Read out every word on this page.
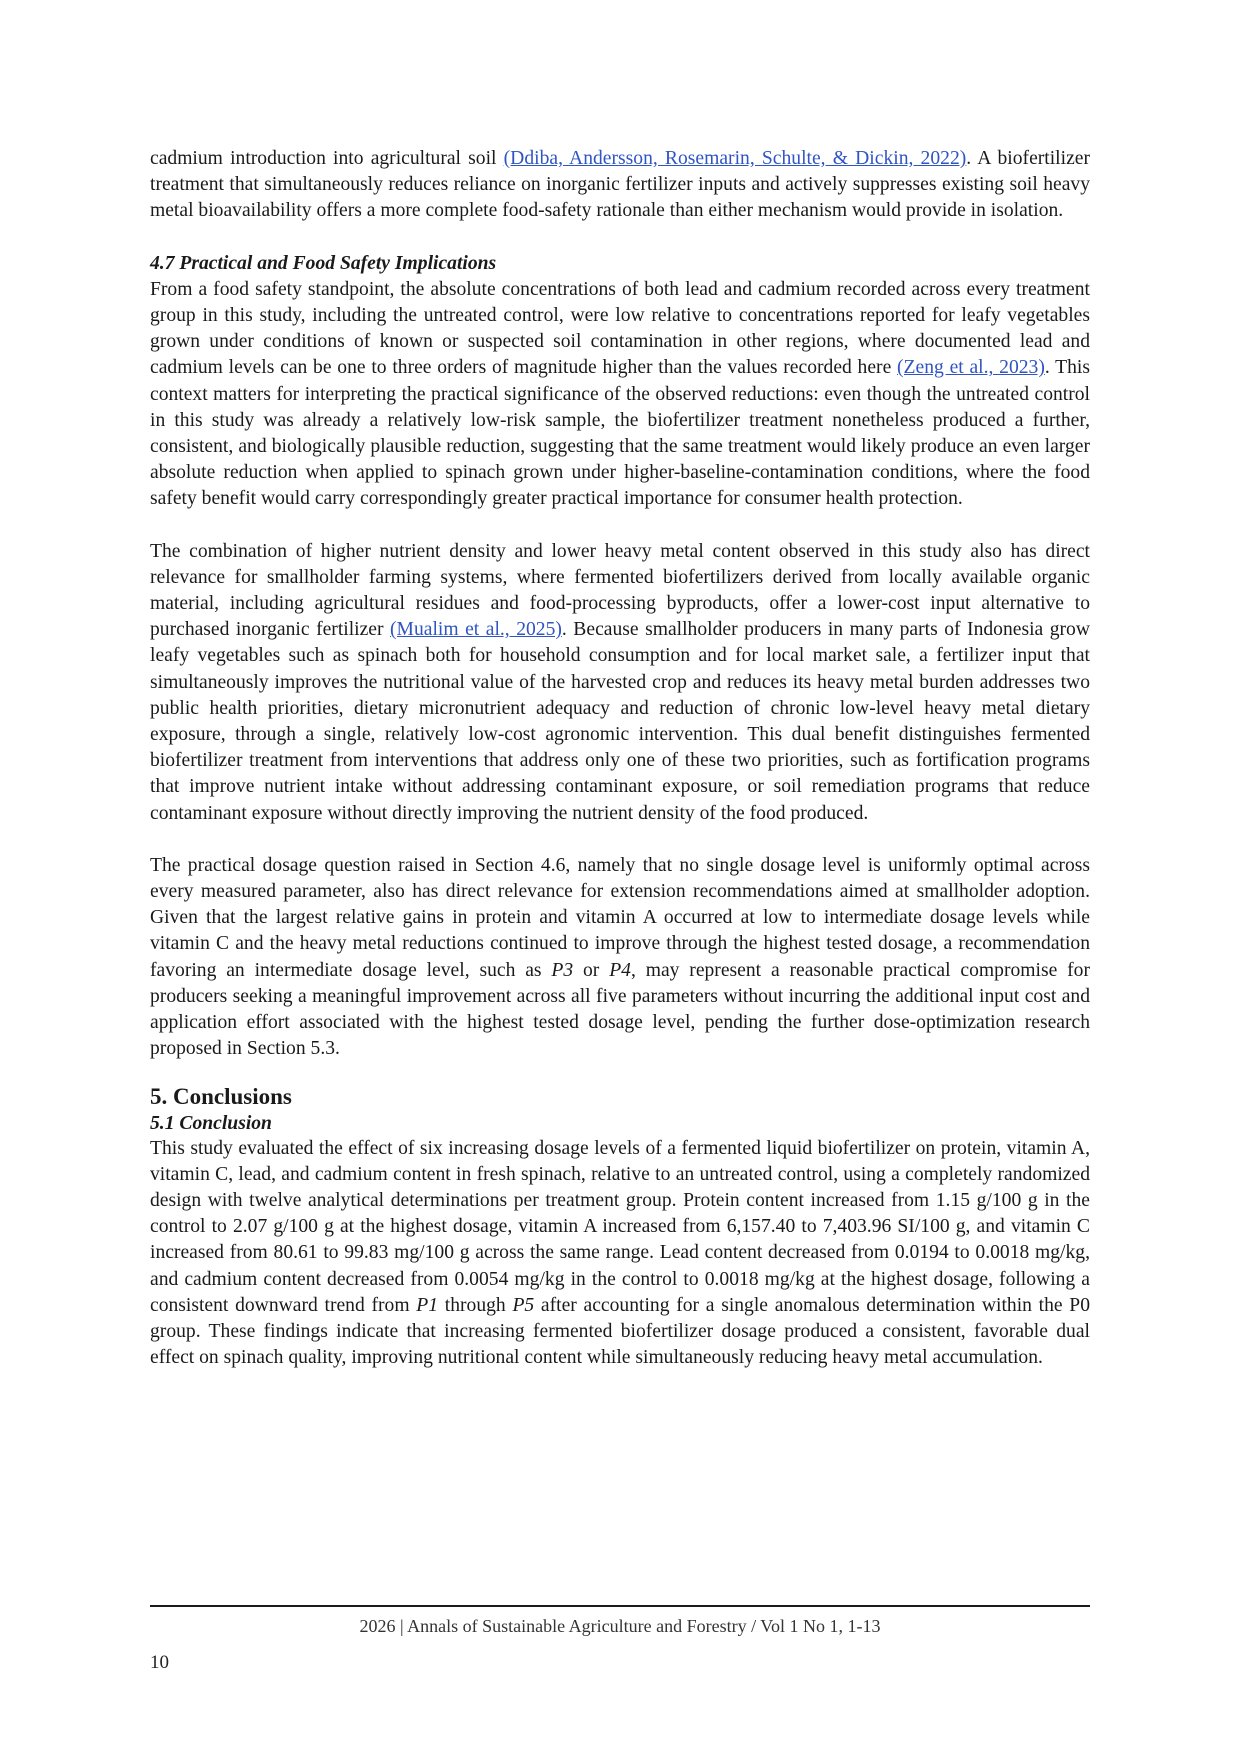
cadmium introduction into agricultural soil (Ddiba, Andersson, Rosemarin, Schulte, & Dickin, 2022). A biofertilizer treatment that simultaneously reduces reliance on inorganic fertilizer inputs and actively suppresses existing soil heavy metal bioavailability offers a more complete food-safety rationale than either mechanism would provide in isolation.

4.7 Practical and Food Safety Implications

From a food safety standpoint, the absolute concentrations of both lead and cadmium recorded across every treatment group in this study, including the untreated control, were low relative to concentrations reported for leafy vegetables grown under conditions of known or suspected soil contamination in other regions, where documented lead and cadmium levels can be one to three orders of magnitude higher than the values recorded here (Zeng et al., 2023). This context matters for interpreting the practical significance of the observed reductions: even though the untreated control in this study was already a relatively low-risk sample, the biofertilizer treatment nonetheless produced a further, consistent, and biologically plausible reduction, suggesting that the same treatment would likely produce an even larger absolute reduction when applied to spinach grown under higher-baseline-contamination conditions, where the food safety benefit would carry correspondingly greater practical importance for consumer health protection.

The combination of higher nutrient density and lower heavy metal content observed in this study also has direct relevance for smallholder farming systems, where fermented biofertilizers derived from locally available organic material, including agricultural residues and food-processing byproducts, offer a lower-cost input alternative to purchased inorganic fertilizer (Mualim et al., 2025). Because smallholder producers in many parts of Indonesia grow leafy vegetables such as spinach both for household consumption and for local market sale, a fertilizer input that simultaneously improves the nutritional value of the harvested crop and reduces its heavy metal burden addresses two public health priorities, dietary micronutrient adequacy and reduction of chronic low-level heavy metal dietary exposure, through a single, relatively low-cost agronomic intervention. This dual benefit distinguishes fermented biofertilizer treatment from interventions that address only one of these two priorities, such as fortification programs that improve nutrient intake without addressing contaminant exposure, or soil remediation programs that reduce contaminant exposure without directly improving the nutrient density of the food produced.

The practical dosage question raised in Section 4.6, namely that no single dosage level is uniformly optimal across every measured parameter, also has direct relevance for extension recommendations aimed at smallholder adoption. Given that the largest relative gains in protein and vitamin A occurred at low to intermediate dosage levels while vitamin C and the heavy metal reductions continued to improve through the highest tested dosage, a recommendation favoring an intermediate dosage level, such as P3 or P4, may represent a reasonable practical compromise for producers seeking a meaningful improvement across all five parameters without incurring the additional input cost and application effort associated with the highest tested dosage level, pending the further dose-optimization research proposed in Section 5.3.

5. Conclusions
5.1 Conclusion

This study evaluated the effect of six increasing dosage levels of a fermented liquid biofertilizer on protein, vitamin A, vitamin C, lead, and cadmium content in fresh spinach, relative to an untreated control, using a completely randomized design with twelve analytical determinations per treatment group. Protein content increased from 1.15 g/100 g in the control to 2.07 g/100 g at the highest dosage, vitamin A increased from 6,157.40 to 7,403.96 SI/100 g, and vitamin C increased from 80.61 to 99.83 mg/100 g across the same range. Lead content decreased from 0.0194 to 0.0018 mg/kg, and cadmium content decreased from 0.0054 mg/kg in the control to 0.0018 mg/kg at the highest dosage, following a consistent downward trend from P1 through P5 after accounting for a single anomalous determination within the P0 group. These findings indicate that increasing fermented biofertilizer dosage produced a consistent, favorable dual effect on spinach quality, improving nutritional content while simultaneously reducing heavy metal accumulation.

2026 | Annals of Sustainable Agriculture and Forestry / Vol 1 No 1, 1-13
10
